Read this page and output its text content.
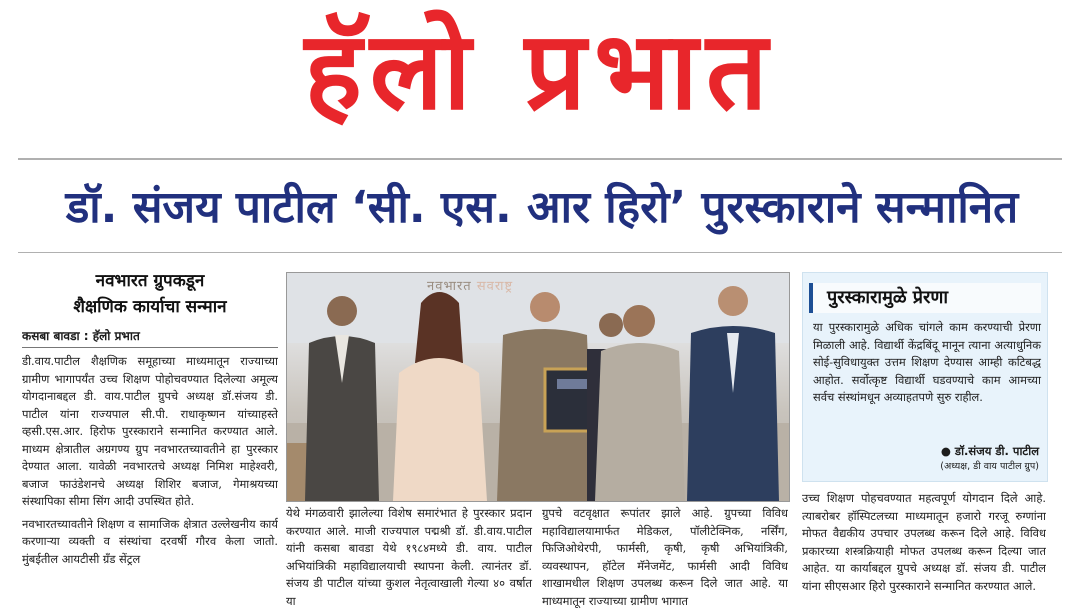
हॅलो प्रभात
डॉ. संजय पाटील ‘सी. एस. आर हिरो’ पुरस्काराने सन्मानित
नवभारत ग्रुपकडून
शैक्षणिक कार्याचा सन्मान
कसबा बावडा : हॅलो प्रभात

डी.वाय.पाटील शैक्षणिक समूहाच्या माध्यमातून राज्याच्या ग्रामीण भागापर्यंत उच्च शिक्षण पोहोचवण्यात दिलेल्या अमूल्य योगदानाबद्दल डी. वाय.पाटील ग्रुपचे अध्यक्ष डॉ.संजय डी. पाटील यांना राज्यपाल सी.पी. राधाकृष्णन यांच्याहस्ते व्हसी.एस.आर. हिरोफ पुरस्काराने सन्मानित करण्यात आले. माध्यम क्षेत्रातील अग्रगण्य ग्रुप नवभारतच्यावतीने हा पुरस्कार देण्यात आला. यावेळी नवभारतचे अध्यक्ष निमिश माहेश्वरी, बजाज फाउंडेशनचे अध्यक्ष शिशिर बजाज, गेमाश्रयच्या संस्थापिका सीमा सिंग आदी उपस्थित होते.

नवभारतच्यावतीने शिक्षण व सामाजिक क्षेत्रात उल्लेखनीय कार्य करणाऱ्या व्यक्ती व संस्थांचा दरवर्षी गौरव केला जातो. मुंबईतील आयटीसी ग्रँड सेंट्रल

नवभारत सवराष्ट्र

येथे मंगळवारी झालेल्या विशेष समारंभात हे पुरस्कार प्रदान करण्यात आले. माजी राज्यपाल पद्मश्री डॉ. डी.वाय.पाटील यांनी कसबा बावडा येथे १९८४मध्ये डी. वाय. पाटील अभियांत्रिकी महाविद्यालयाची स्थापना केली. त्यानंतर डॉ. संजय डी पाटील यांच्या कुशल नेतृत्वाखाली गेल्या ४० वर्षात या

ग्रुपचे वटवृक्षात रूपांतर झाले आहे. ग्रुपच्या विविध महाविद्यालयामार्फत मेडिकल, पॉलीटेक्निक, नर्सिंग, फिजिओथेरपी, फार्मसी, कृषी, कृषी अभियांत्रिकी, व्यवस्थापन, हॉटेल मॅनेजमेंट, फार्मसी आदी विविध शाखामधील शिक्षण उपलब्ध करून दिले जात आहे. या माध्यमातून राज्याच्या ग्रामीण भागात

पुरस्कारामुळे प्रेरणा
या पुरस्कारामुळे अधिक चांगले काम करण्याची प्रेरणा मिळाली आहे. विद्यार्थी केंद्रबिंदू मानून त्याना अत्याधुनिक सोई-सुविधायुक्त उत्तम शिक्षण देण्यास आम्ही कटिबद्ध आहोत. सर्वोत्कृष्ट विद्यार्थी घडवण्याचे काम आमच्या सर्वच संस्थांमधून अव्याहतपणे सुरु राहील.
● डॉ.संजय डी. पाटील
(अध्यक्ष, डी वाय पाटील ग्रुप)

उच्च शिक्षण पोहचवण्यात महत्वपूर्ण योगदान दिले आहे. त्याबरोबर हॉस्पिटलच्या माध्यमातून हजारो गरजू रुग्णांना मोफत वैद्यकीय उपचार उपलब्ध करून दिले आहे. विविध प्रकारच्या शस्त्रक्रियाही मोफत उपलब्ध करून दिल्या जात आहेत. या कार्याबद्दल ग्रुपचे अध्यक्ष डॉ. संजय डी. पाटील यांना सीएसआर हिरो पुरस्काराने सन्मानित करण्यात आले.
